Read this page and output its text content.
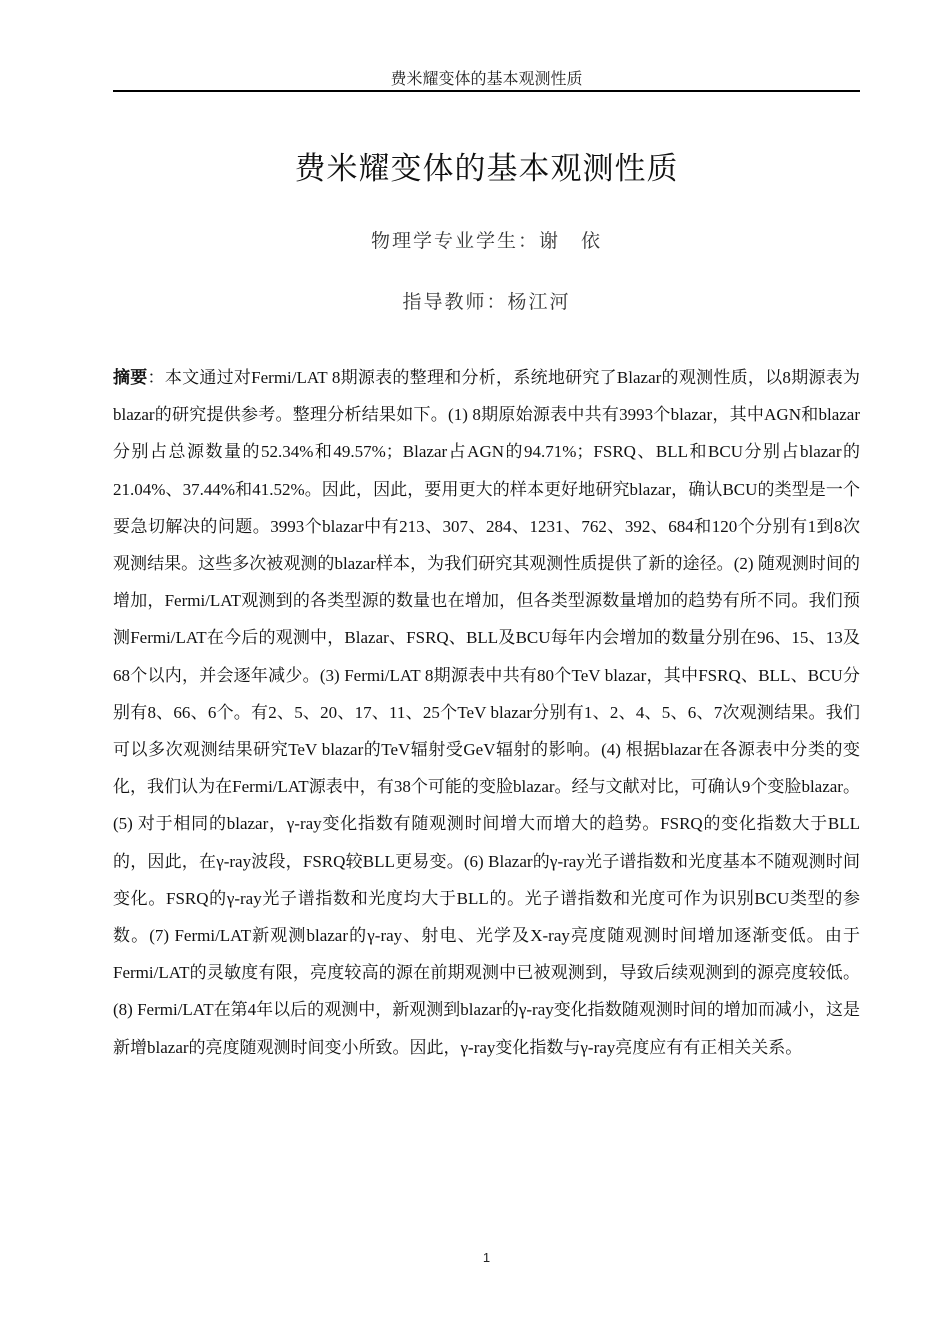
费米耀变体的基本观测性质
费米耀变体的基本观测性质
物理学专业学生：谢　依
指导教师：杨江河
摘要：本文通过对Fermi/LAT 8期源表的整理和分析，系统地研究了Blazar的观测性质，以8期源表为blazar的研究提供参考。整理分析结果如下。(1) 8期原始源表中共有3993个blazar，其中AGN和blazar分别占总源数量的52.34%和49.57%；Blazar占AGN的94.71%；FSRQ、BLL和BCU分别占blazar的21.04%、37.44%和41.52%。因此，因此，要用更大的样本更好地研究blazar，确认BCU的类型是一个要急切解决的问题。3993个blazar中有213、307、284、1231、762、392、684和120个分别有1到8次观测结果。这些多次被观测的blazar样本，为我们研究其观测性质提供了新的途径。(2) 随观测时间的增加，Fermi/LAT观测到的各类型源的数量也在增加，但各类型源数量增加的趋势有所不同。我们预测Fermi/LAT在今后的观测中，Blazar、FSRQ、BLL及BCU每年内会增加的数量分别在96、15、13及68个以内，并会逐年减少。(3) Fermi/LAT 8期源表中共有80个TeV blazar，其中FSRQ、BLL、BCU分别有8、66、6个。有2、5、20、17、11、25个TeV blazar分别有1、2、4、5、6、7次观测结果。我们可以多次观测结果研究TeV blazar的TeV辐射受GeV辐射的影响。(4) 根据blazar在各源表中分类的变化，我们认为在Fermi/LAT源表中，有38个可能的变脸blazar。经与文献对比，可确认9个变脸blazar。(5) 对于相同的blazar，γ-ray变化指数有随观测时间增大而增大的趋势。FSRQ的变化指数大于BLL的，因此，在γ-ray波段，FSRQ较BLL更易变。(6) Blazar的γ-ray光子谱指数和光度基本不随观测时间变化。FSRQ的γ-ray光子谱指数和光度均大于BLL的。光子谱指数和光度可作为识别BCU类型的参数。(7) Fermi/LAT新观测blazar的γ-ray、射电、光学及X-ray亮度随观测时间增加逐渐变低。由于Fermi/LAT的灵敏度有限，亮度较高的源在前期观测中已被观测到，导致后续观测到的源亮度较低。(8) Fermi/LAT在第4年以后的观测中，新观测到blazar的γ-ray变化指数随观测时间的增加而减小，这是新增blazar的亮度随观测时间变小所致。因此，γ-ray变化指数与γ-ray亮度应有有正相关关系。
1
